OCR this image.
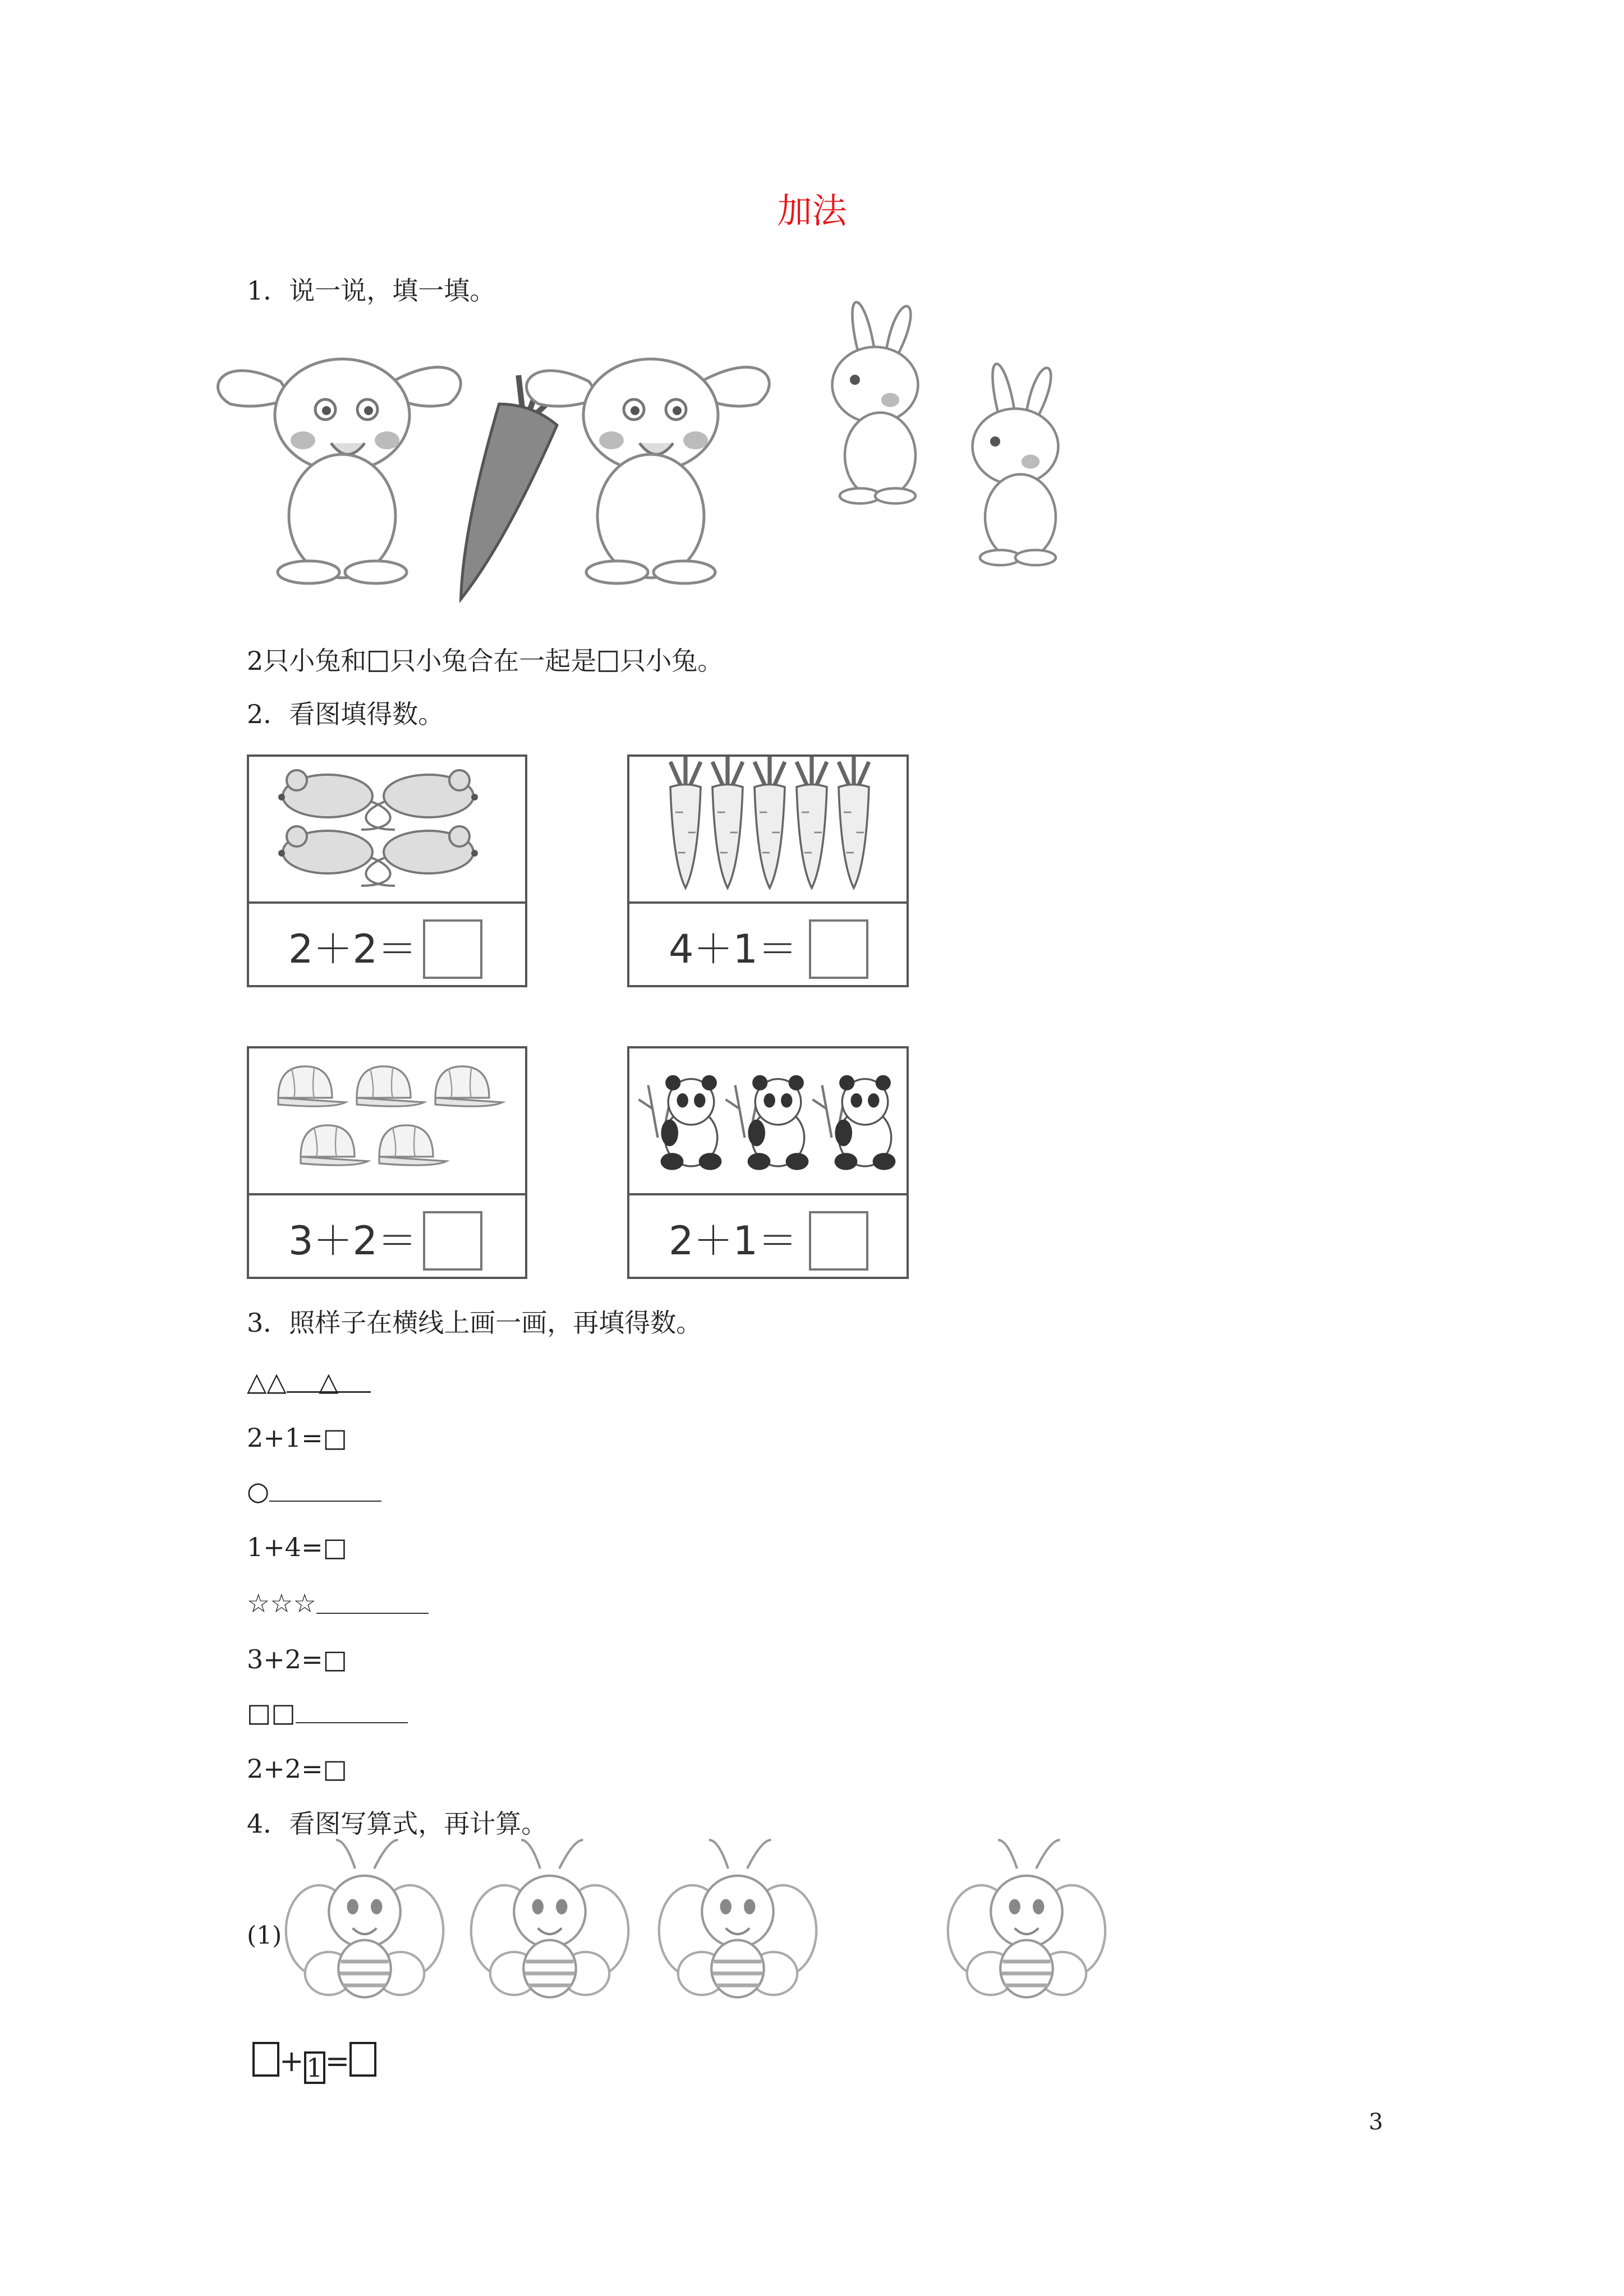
加法
1．说一说，填一填。
2只小兔和 只小兔合在一起是 只小兔。
2．看图填得数。
2＋2＝	4＋1＝
3＋2＝	2＋1＝
3．照样子在横线上画一画，再填得数。
△△ △
2+1=□
○
1+4=□
☆☆☆
3+2=□
□□
2+2=□
4．看图写算式，再计算。
(1)
+1=
3
